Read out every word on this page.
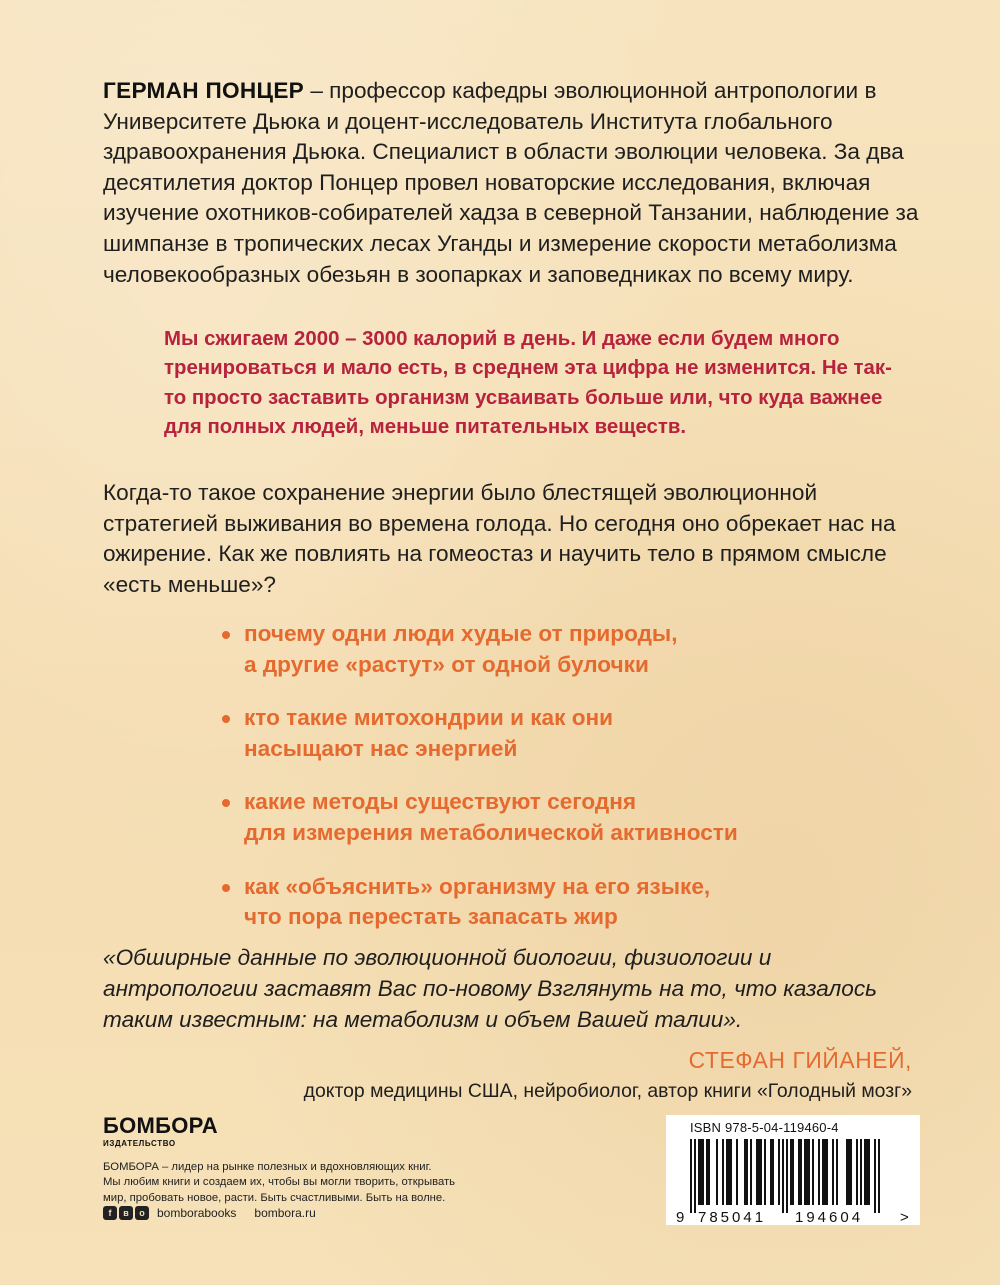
ГЕРМАН ПОНЦЕР – профессор кафедры эволюционной антропологии в Университете Дьюка и доцент-исследователь Института глобального здравоохранения Дьюка. Специалист в области эволюции человека. За два десятилетия доктор Понцер провел новаторские исследования, включая изучение охотников-собирателей хадза в северной Танзании, наблюдение за шимпанзе в тропических лесах Уганды и измерение скорости метаболизма человекообразных обезьян в зоопарках и заповедниках по всему миру.

Мы сжигаем 2000 – 3000 калорий в день. И даже если будем много тренироваться и мало есть, в среднем эта цифра не изменится. Не так-то просто заставить организм усваивать больше или, что куда важнее для полных людей, меньше питательных веществ.

Когда-то такое сохранение энергии было блестящей эволюционной стратегией выживания во времена голода. Но сегодня оно обрекает нас на ожирение. Как же повлиять на гомеостаз и научить тело в прямом смысле «есть меньше»?

почему одни люди худые от природы,
а другие «растут» от одной булочки
кто такие митохондрии и как они
насыщают нас энергией
какие методы существуют сегодня
для измерения метаболической активности
как «объяснить» организму на его языке,
что пора перестать запасать жир

«Обширные данные по эволюционной биологии, физиологии и антропологии заставят Вас по-новому Взглянуть на то, что казалось таким известным: на метаболизм и объем Вашей талии».

СТЕФАН ГИЙАНЕЙ,
доктор медицины США, нейробиолог, автор книги «Голодный мозг»
БОМБОРА
ИЗДАТЕЛЬСТВО
БОМБОРА – лидер на рынке полезных и вдохновляющих книг.
Мы любим книги и создаем их, чтобы вы могли творить, открывать
мир, пробовать новое, расти. Быть счастливыми. Быть на волне.
f	в	о	bomborabooks bombora.ru
ISBN 978-5-04-119460-4
9 785041 194604 >
